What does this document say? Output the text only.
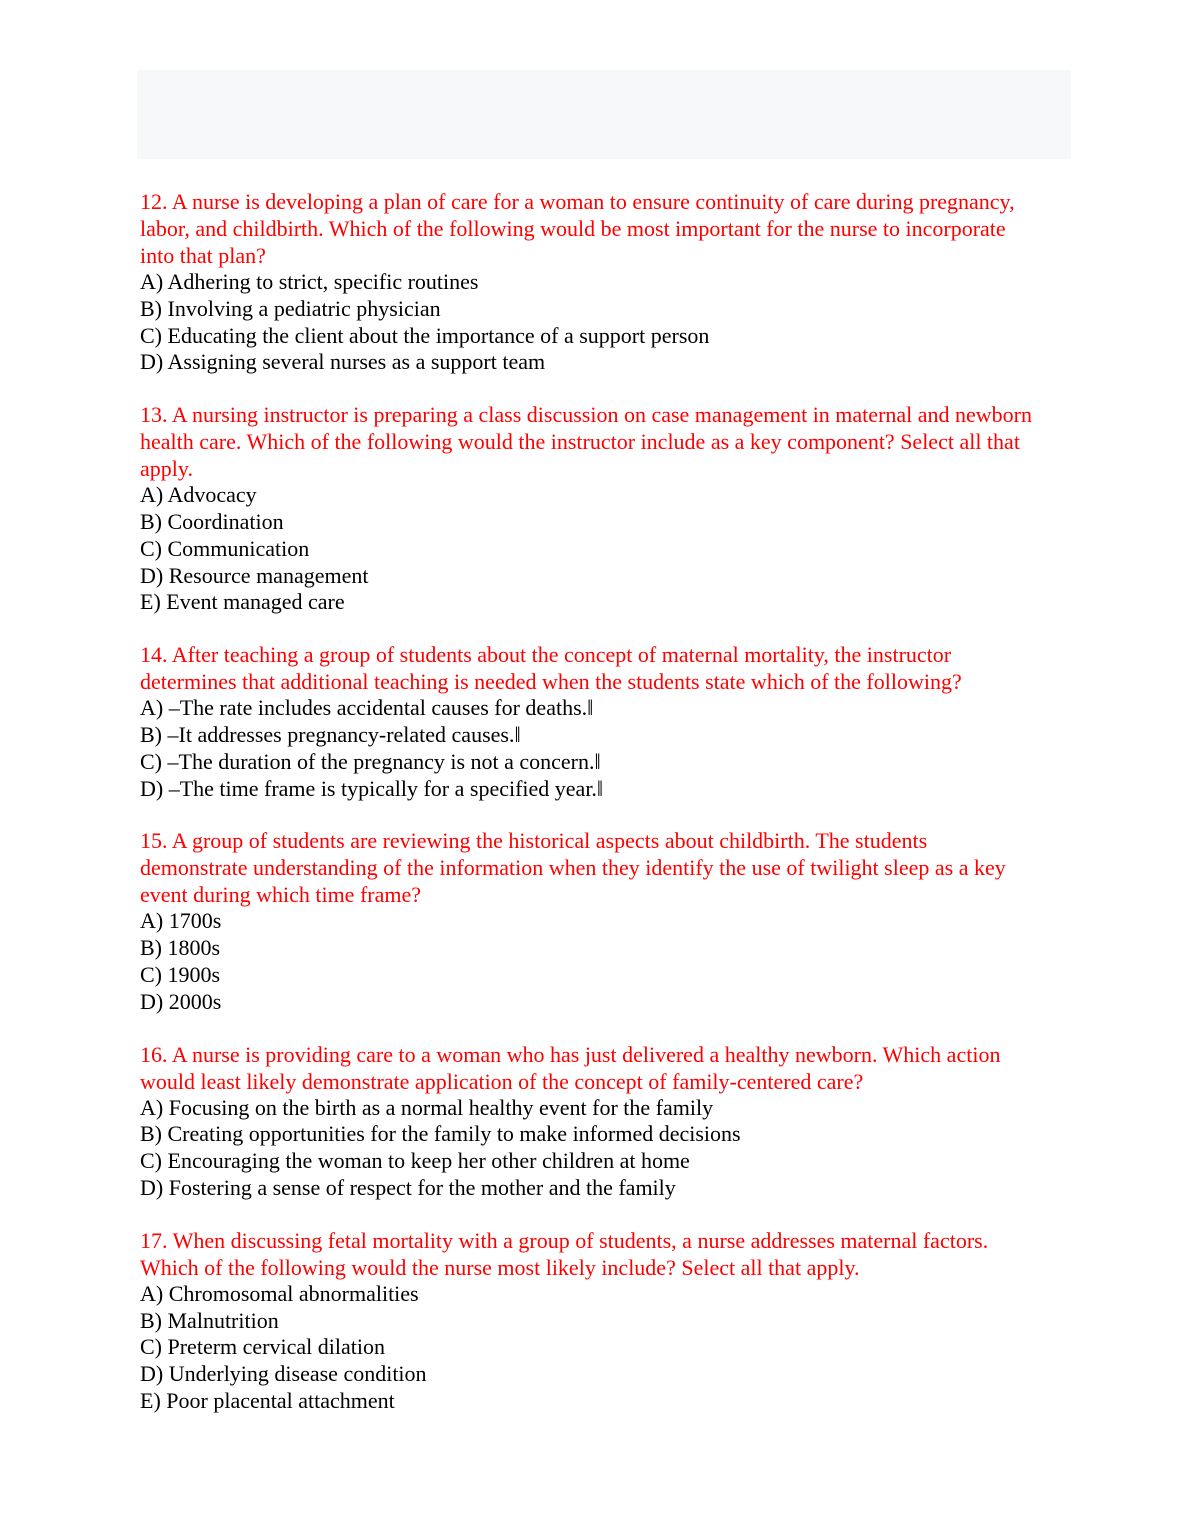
12. A nurse is developing a plan of care for a woman to ensure continuity of care during pregnancy, labor, and childbirth. Which of the following would be most important for the nurse to incorporate into that plan?

A) Adhering to strict, specific routines
B) Involving a pediatric physician
C) Educating the client about the importance of a support person
D) Assigning several nurses as a support team

13. A nursing instructor is preparing a class discussion on case management in maternal and newborn health care. Which of the following would the instructor include as a key component? Select all that apply.

A) Advocacy
B) Coordination
C) Communication
D) Resource management
E) Event managed care

14. After teaching a group of students about the concept of maternal mortality, the instructor determines that additional teaching is needed when the students state which of the following?

A) –The rate includes accidental causes for deaths.‖
B) –It addresses pregnancy-related causes.‖
C) –The duration of the pregnancy is not a concern.‖
D) –The time frame is typically for a specified year.‖

15. A group of students are reviewing the historical aspects about childbirth. The students demonstrate understanding of the information when they identify the use of twilight sleep as a key event during which time frame?

A) 1700s
B) 1800s
C) 1900s
D) 2000s

16. A nurse is providing care to a woman who has just delivered a healthy newborn. Which action would least likely demonstrate application of the concept of family-centered care?

A) Focusing on the birth as a normal healthy event for the family
B) Creating opportunities for the family to make informed decisions
C) Encouraging the woman to keep her other children at home
D) Fostering a sense of respect for the mother and the family

17. When discussing fetal mortality with a group of students, a nurse addresses maternal factors. Which of the following would the nurse most likely include? Select all that apply.

A) Chromosomal abnormalities
B) Malnutrition
C) Preterm cervical dilation
D) Underlying disease condition
E) Poor placental attachment
